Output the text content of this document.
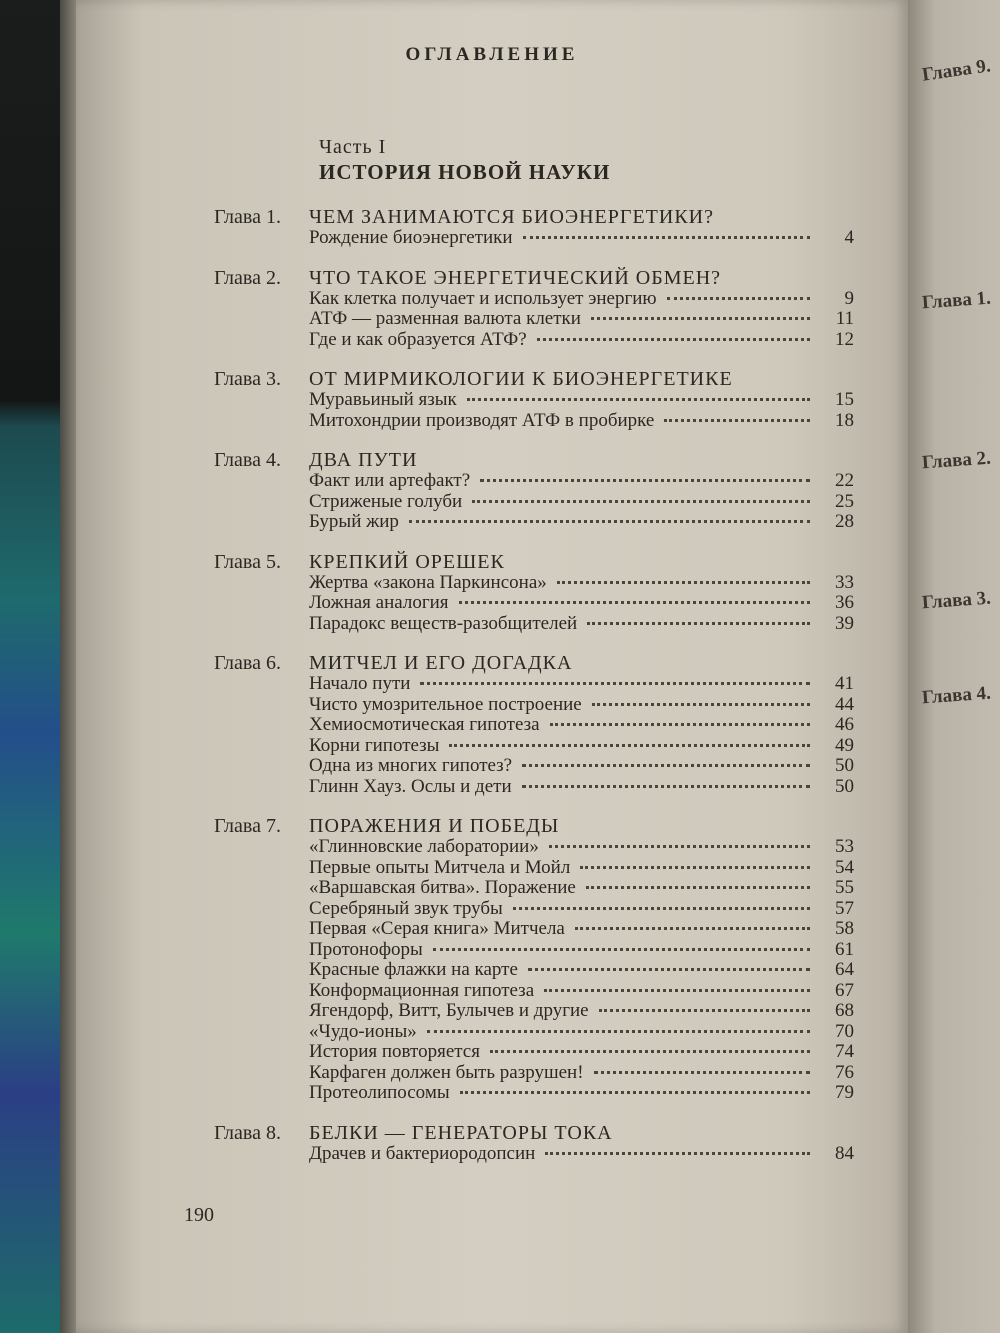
ОГЛАВЛЕНИЕ
Часть I
ИСТОРИЯ НОВОЙ НАУКИ
Глава 1.	ЧЕМ ЗАНИМАЮТСЯ БИОЭНЕРГЕТИКИ?
Рождение биоэнергетики	4
Глава 2.	ЧТО ТАКОЕ ЭНЕРГЕТИЧЕСКИЙ ОБМЕН?
Как клетка получает и использует энергию	9
АТФ — разменная валюта клетки	11
Где и как образуется АТФ?	12
Глава 3.	ОТ МИРМИКОЛОГИИ К БИОЭНЕРГЕТИКЕ
Муравьиный язык	15
Митохондрии производят АТФ в пробирке	18
Глава 4.	ДВА ПУТИ
Факт или артефакт?	22
Стриженые голуби	25
Бурый жир	28
Глава 5.	КРЕПКИЙ ОРЕШЕК
Жертва «закона Паркинсона»	33
Ложная аналогия	36
Парадокс веществ-разобщителей	39
Глава 6.	МИТЧЕЛ И ЕГО ДОГАДКА
Начало пути	41
Чисто умозрительное построение	44
Хемиосмотическая гипотеза	46
Корни гипотезы	49
Одна из многих гипотез?	50
Глинн Хауз. Ослы и дети	50
Глава 7.	ПОРАЖЕНИЯ И ПОБЕДЫ
«Глинновские лаборатории»	53
Первые опыты Митчела и Мойл	54
«Варшавская битва». Поражение	55
Серебряный звук трубы	57
Первая «Серая книга» Митчела	58
Протонофоры	61
Красные флажки на карте	64
Конформационная гипотеза	67
Ягендорф, Витт, Булычев и другие	68
«Чудо-ионы»	70
История повторяется	74
Карфаген должен быть разрушен!	76
Протеолипосомы	79
Глава 8.	БЕЛКИ — ГЕНЕРАТОРЫ ТОКА
Драчев и бактериородопсин	84
190
Глава 9.
Глава 1.
Глава 2.
Глава 3.
Глава 4.
